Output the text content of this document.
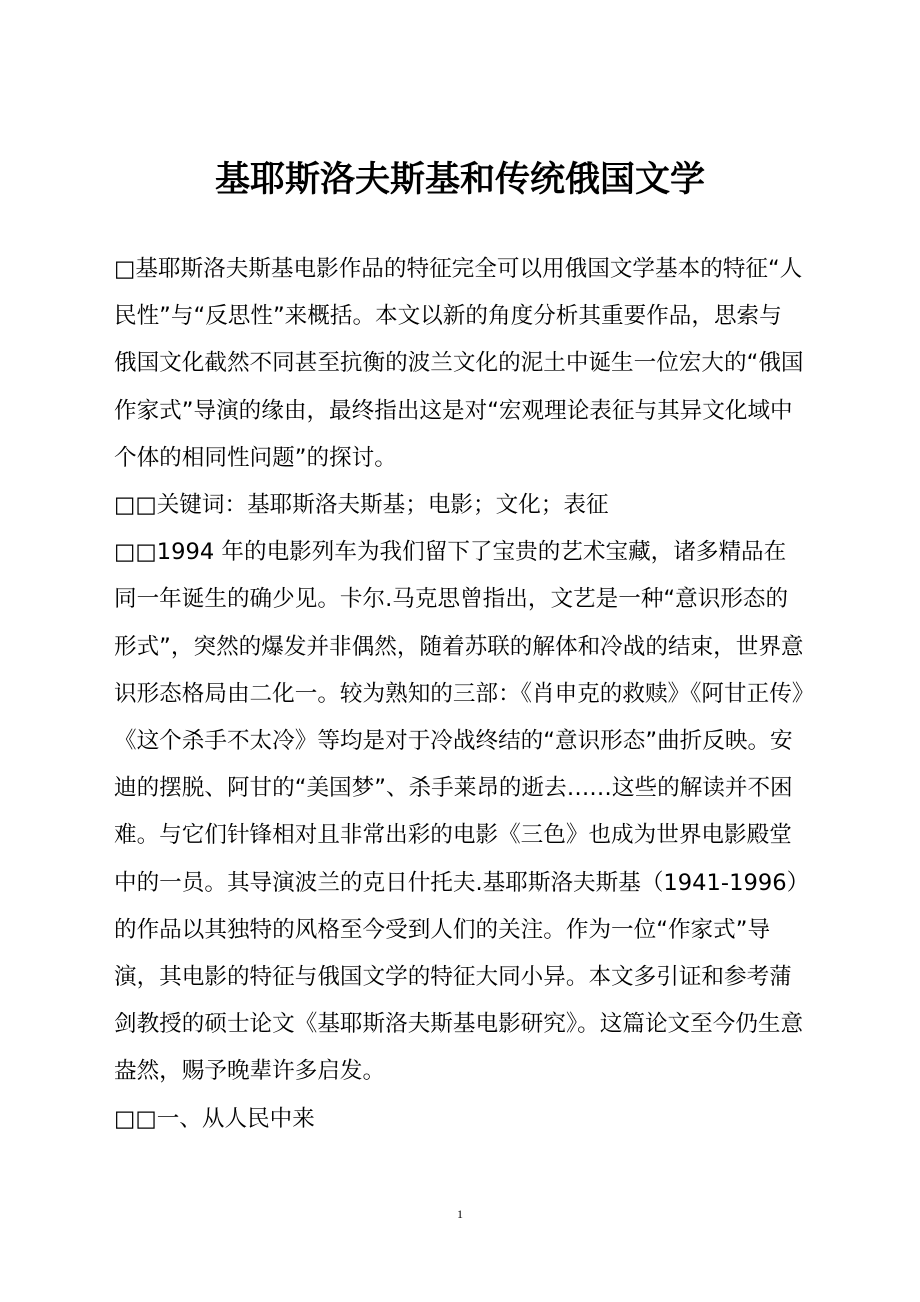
基耶斯洛夫斯基和传统俄国文学

□基耶斯洛夫斯基电影作品的特征完全可以用俄国文学基本的特征“人民性”与“反思性”来概括。本文以新的角度分析其重要作品，思索与俄国文化截然不同甚至抗衡的波兰文化的泥土中诞生一位宏大的“俄国作家式”导演的缘由，最终指出这是对“宏观理论表征与其异文化域中个体的相同性问题”的探讨。

□□关键词：基耶斯洛夫斯基；电影；文化；表征

□□1994 年的电影列车为我们留下了宝贵的艺术宝藏，诸多精品在同一年诞生的确少见。卡尔.马克思曾指出，文艺是一种“意识形态的形式”，突然的爆发并非偶然，随着苏联的解体和冷战的结束，世界意识形态格局由二化一。较为熟知的三部：《肖申克的救赎》《阿甘正传》《这个杀手不太冷》等均是对于冷战终结的“意识形态”曲折反映。安迪的摆脱、阿甘的“美国梦”、杀手莱昂的逝去……这些的解读并不困难。与它们针锋相对且非常出彩的电影《三色》也成为世界电影殿堂中的一员。其导演波兰的克日什托夫.基耶斯洛夫斯基（1941-1996）的作品以其独特的风格至今受到人们的关注。作为一位“作家式”导演，其电影的特征与俄国文学的特征大同小异。本文多引证和参考蒲剑教授的硕士论文《基耶斯洛夫斯基电影研究》。这篇论文至今仍生意盎然，赐予晚辈许多启发。

□□一、从人民中来

1
